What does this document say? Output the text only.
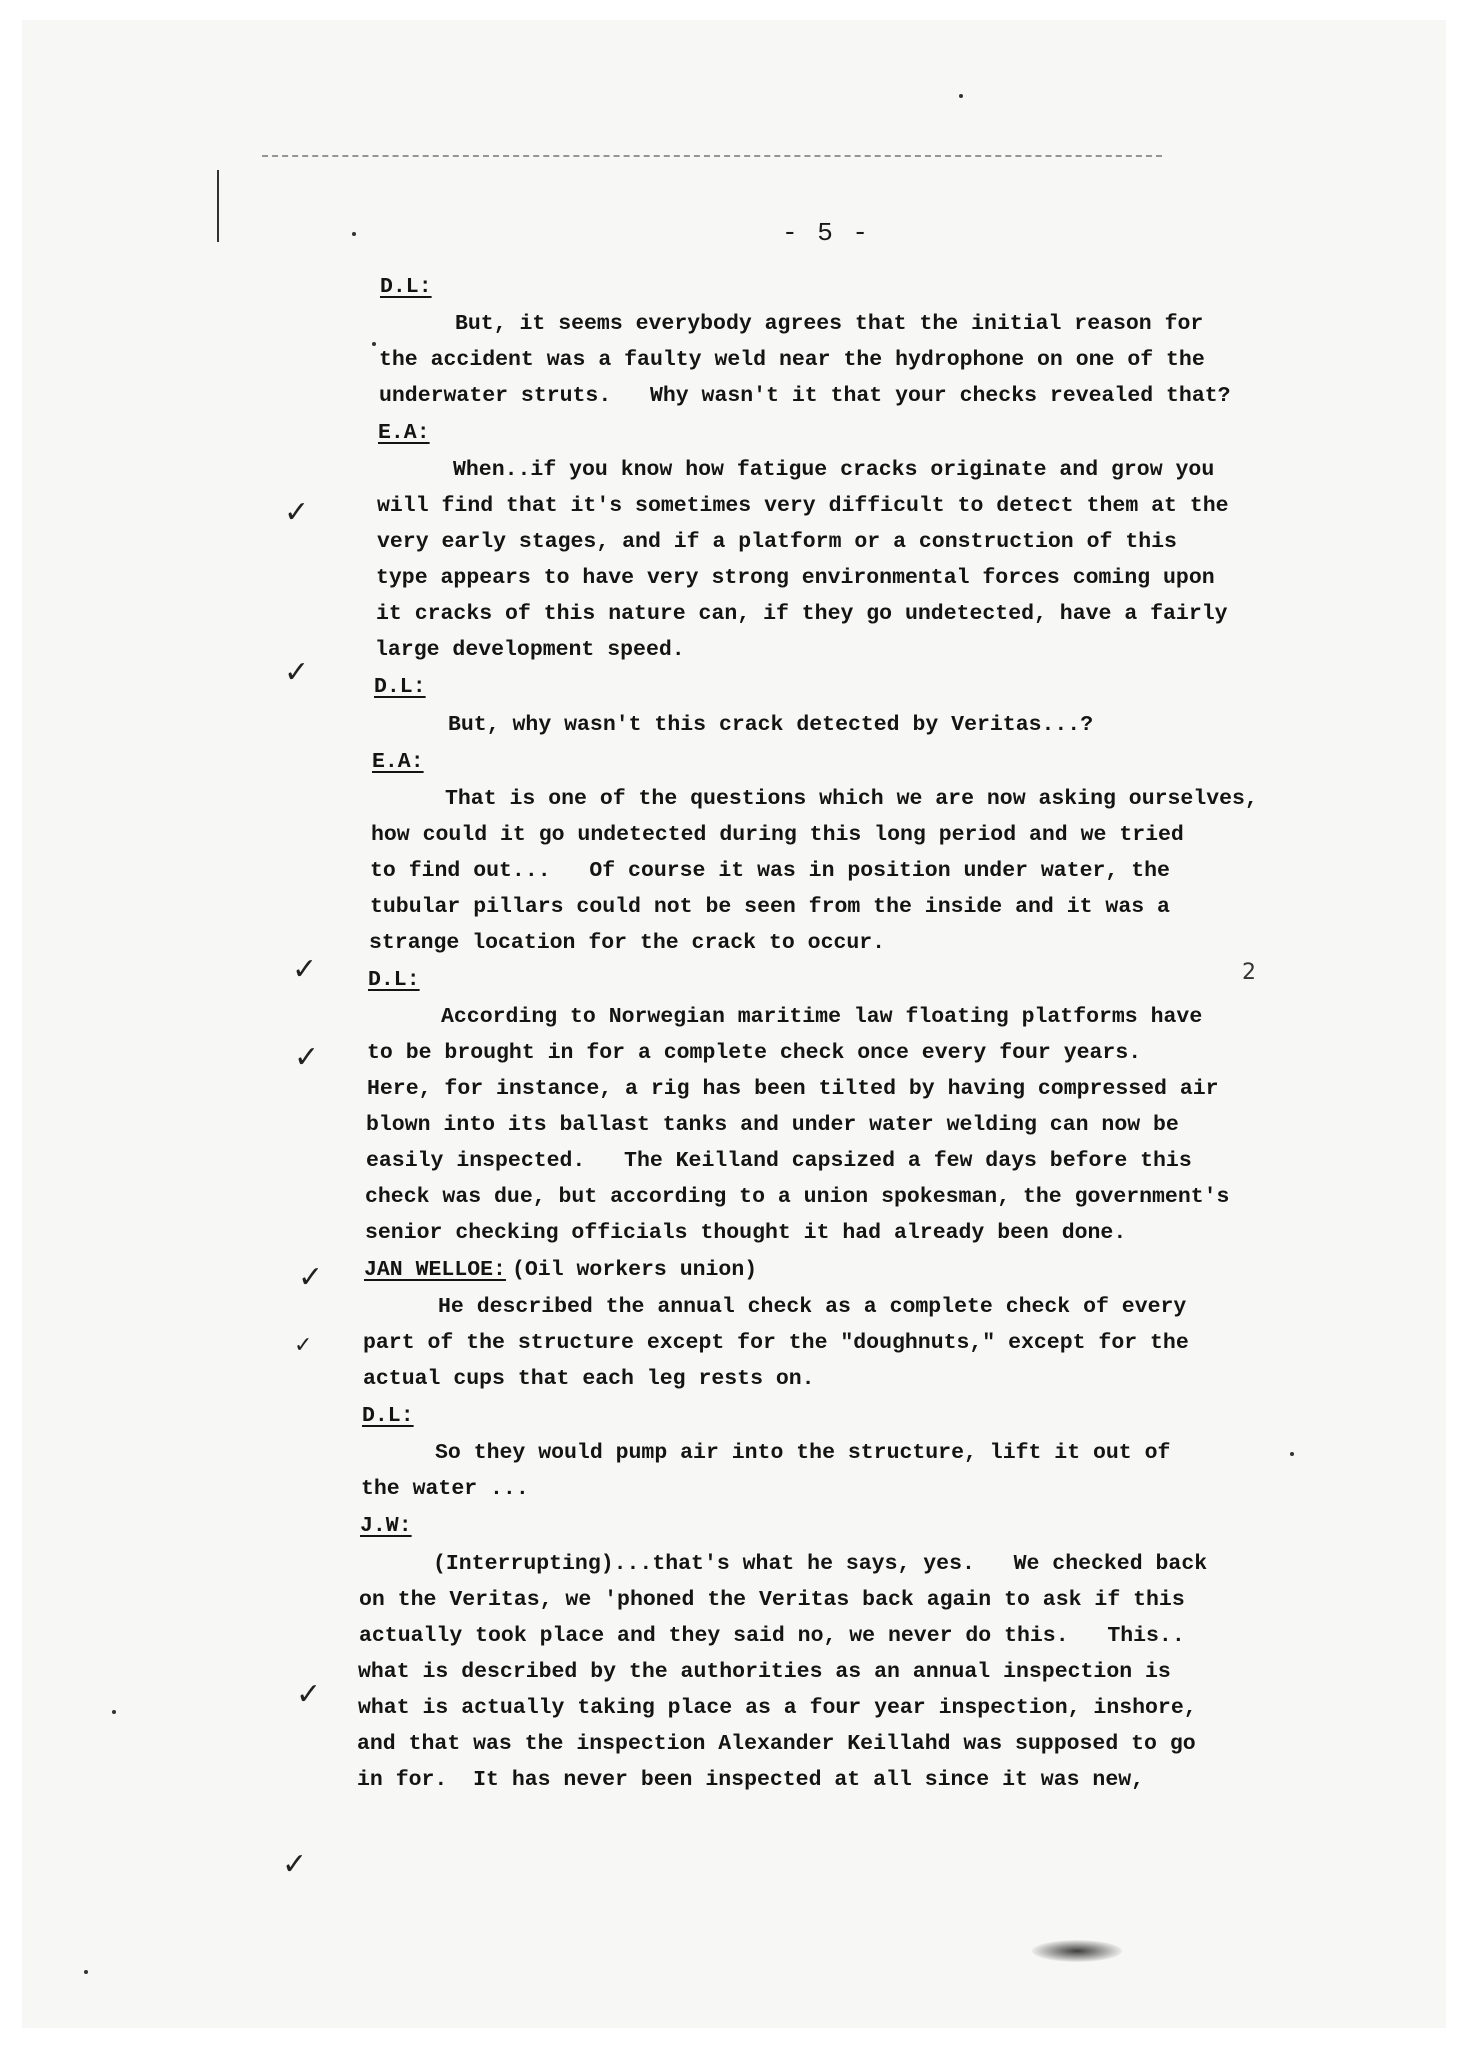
- 5 -
D.L:
But, it seems everybody agrees that the initial reason for
the accident was a faulty weld near the hydrophone on one of the
underwater struts.   Why wasn't it that your checks revealed that?
E.A:
When..if you know how fatigue cracks originate and grow you
will find that it's sometimes very difficult to detect them at the
very early stages, and if a platform or a construction of this
type appears to have very strong environmental forces coming upon
it cracks of this nature can, if they go undetected, have a fairly
large development speed.
D.L:
But, why wasn't this crack detected by Veritas...?
E.A:
That is one of the questions which we are now asking ourselves,
how could it go undetected during this long period and we tried
to find out...   Of course it was in position under water, the
tubular pillars could not be seen from the inside and it was a
strange location for the crack to occur.
D.L:
According to Norwegian maritime law floating platforms have
to be brought in for a complete check once every four years.
Here, for instance, a rig has been tilted by having compressed air
blown into its ballast tanks and under water welding can now be
easily inspected.   The Keilland capsized a few days before this
check was due, but according to a union spokesman, the government's
senior checking officials thought it had already been done.
JAN WELLOE: (Oil workers union)
He described the annual check as a complete check of every
part of the structure except for the "doughnuts," except for the
actual cups that each leg rests on.
D.L:
So they would pump air into the structure, lift it out of
the water ...
J.W:
(Interrupting)...that's what he says, yes.   We checked back
on the Veritas, we 'phoned the Veritas back again to ask if this
actually took place and they said no, we never do this.   This..
what is described by the authorities as an annual inspection is
what is actually taking place as a four year inspection, inshore,
and that was the inspection Alexander Keillahd was supposed to go
in for.  It has never been inspected at all since it was new,
✓
✓
✓
✓
✓
✓
✓
✓
2
